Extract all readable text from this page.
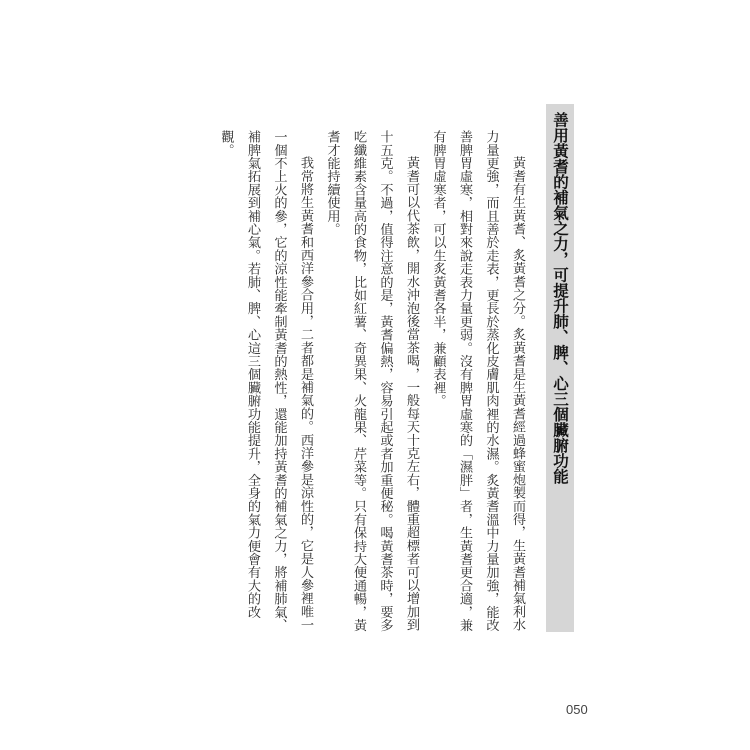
善用黃耆的補氣之力，可提升肺、脾、心三個臟腑功能

黃耆有生黃耆、炙黃耆之分。炙黃耆是生黃耆經過蜂蜜炮製而得，生黃耆補氣利水力量更強，而且善於走表，更長於蒸化皮膚肌肉裡的水濕。炙黃耆溫中力量加強，能改善脾胃虛寒，相對來說走表力量更弱。沒有脾胃虛寒的「濕胖」者，生黃耆更合適，兼有脾胃虛寒者，可以生炙黃耆各半，兼顧表裡。

黃耆可以代茶飲，開水沖泡後當茶喝，一般每天十克左右，體重超標者可以增加到十五克。不過，值得注意的是，黃耆偏熱，容易引起或者加重便秘。喝黃耆茶時，要多吃纖維素含量高的食物，比如紅薯、奇異果、火龍果、芹菜等。只有保持大便通暢，黃耆才能持續使用。

我常將生黃耆和西洋參合用，二者都是補氣的。西洋參是涼性的，它是人參裡唯一一個不上火的參，它的涼性能牽制黃耆的熱性，還能加持黃耆的補氣之力，將補肺氣、補脾氣拓展到補心氣。若肺、脾、心這三個臟腑功能提升，全身的氣力便會有大的改觀。

050
